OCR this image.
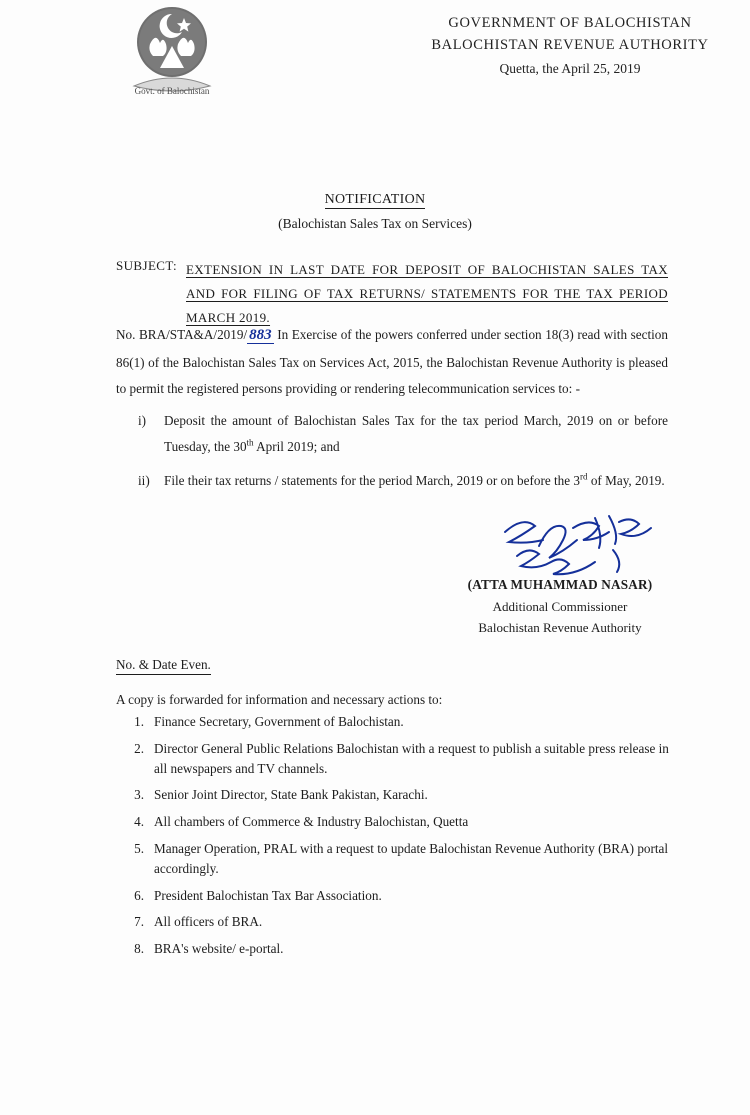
Govt. of Balochistan
GOVERNMENT OF BALOCHISTAN
BALOCHISTAN REVENUE AUTHORITY
Quetta, the April 25, 2019
NOTIFICATION
(Balochistan Sales Tax on Services)
SUBJECT: EXTENSION IN LAST DATE FOR DEPOSIT OF BALOCHISTAN SALES TAX AND FOR FILING OF TAX RETURNS/ STATEMENTS FOR THE TAX PERIOD MARCH 2019.
No. BRA/STA&A/2019/ 883 In Exercise of the powers conferred under section 18(3) read with section 86(1) of the Balochistan Sales Tax on Services Act, 2015, the Balochistan Revenue Authority is pleased to permit the registered persons providing or rendering telecommunication services to: -
i)	Deposit the amount of Balochistan Sales Tax for the tax period March, 2019 on or before Tuesday, the 30th April 2019; and
ii)	File their tax returns / statements for the period March, 2019 or on before the 3rd of May, 2019.
(ATTA MUHAMMAD NASAR)
Additional Commissioner
Balochistan Revenue Authority
No. & Date Even.
A copy is forwarded for information and necessary actions to:
1. Finance Secretary, Government of Balochistan.
2. Director General Public Relations Balochistan with a request to publish a suitable press release in all newspapers and TV channels.
3. Senior Joint Director, State Bank Pakistan, Karachi.
4. All chambers of Commerce & Industry Balochistan, Quetta
5. Manager Operation, PRAL with a request to update Balochistan Revenue Authority (BRA) portal accordingly.
6. President Balochistan Tax Bar Association.
7. All officers of BRA.
8. BRA's website/ e-portal.
